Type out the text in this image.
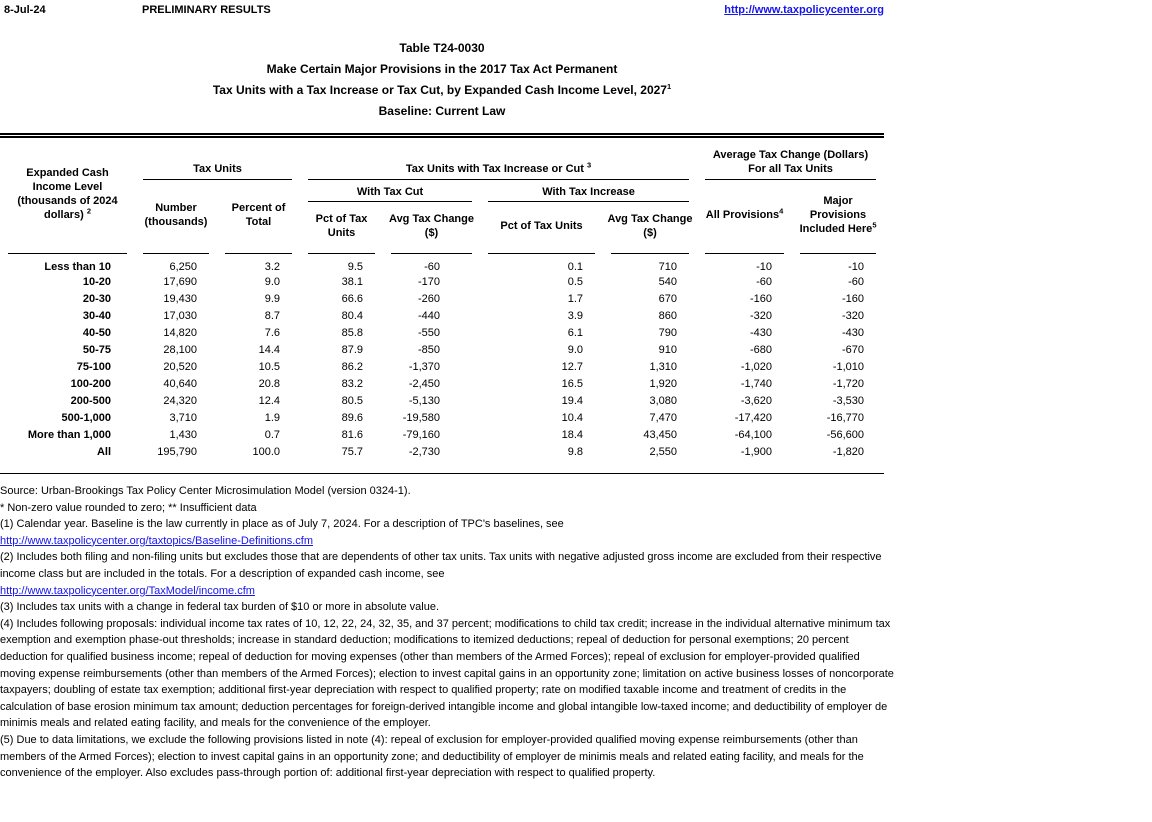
8-Jul-24	PRELIMINARY RESULTS	http://www.taxpolicycenter.org
Table T24-0030
Make Certain Major Provisions in the 2017 Tax Act Permanent
Tax Units with a Tax Increase or Tax Cut, by Expanded Cash Income Level, 2027$^1$
Baseline: Current Law
Expanded Cash Income Level (thousands of 2024 dollars) $^2$	Tax Units		Tax Units with Tax Increase or Cut $^3$				Average Tax Change (Dollars)
For all Tax Units	

	Number (thousands)	Percent of Total	With Tax Cut		With Tax Increase		All Provisions$^4$	Major Provisions Included Here$^5$
			Pct of Tax Units	Avg Tax Change ($)	Pct of Tax Units	Avg Tax Change ($)		
Less than 10	6,250	3.2	9.5	-60	0.1	710	-10	-10
10-20	17,690	9.0	38.1	-170	0.5	540	-60	-60
20-30	19,430	9.9	66.6	-260	1.7	670	-160	-160
30-40	17,030	8.7	80.4	-440	3.9	860	-320	-320
40-50	14,820	7.6	85.8	-550	6.1	790	-430	-430
50-75	28,100	14.4	87.9	-850	9.0	910	-680	-670
75-100	20,520	10.5	86.2	-1,370	12.7	1,310	-1,020	-1,010
100-200	40,640	20.8	83.2	-2,450	16.5	1,920	-1,740	-1,720
200-500	24,320	12.4	80.5	-5,130	19.4	3,080	-3,620	-3,530
500-1,000	3,710	1.9	89.6	-19,580	10.4	7,470	-17,420	-16,770
More than 1,000	1,430	0.7	81.6	-79,160	18.4	43,450	-64,100	-56,600
All	195,790	100.0	75.7	-2,730	9.8	2,550	-1,900	-1,820
Source: Urban-Brookings Tax Policy Center Microsimulation Model (version 0324-1).
* Non-zero value rounded to zero; ** Insufficient data
(1) Calendar year. Baseline is the law currently in place as of July 7, 2024. For a description of TPC's baselines, see
http://www.taxpolicycenter.org/taxtopics/Baseline-Definitions.cfm
(2) Includes both filing and non-filing units but excludes those that are dependents of other tax units. Tax units with negative adjusted gross income are excluded from their respective income class but are included in the totals. For a description of expanded cash income, see
http://www.taxpolicycenter.org/TaxModel/income.cfm
(3) Includes tax units with a change in federal tax burden of $10 or more in absolute value.
(4) Includes following proposals: individual income tax rates of 10, 12, 22, 24, 32, 35, and 37 percent; modifications to child tax credit; increase in the individual alternative minimum tax exemption and exemption phase-out thresholds; increase in standard deduction; modifications to itemized deductions; repeal of deduction for personal exemptions; 20 percent deduction for qualified business income; repeal of deduction for moving expenses (other than members of the Armed Forces); repeal of exclusion for employer-provided qualified moving expense reimbursements (other than members of the Armed Forces); election to invest capital gains in an opportunity zone; limitation on active business losses of noncorporate taxpayers; doubling of estate tax exemption; additional first-year depreciation with respect to qualified property; rate on modified taxable income and treatment of credits in the calculation of base erosion minimum tax amount; deduction percentages for foreign-derived intangible income and global intangible low-taxed income; and deductibility of employer de minimis meals and related eating facility, and meals for the convenience of the employer.
(5) Due to data limitations, we exclude the following provisions listed in note (4): repeal of exclusion for employer-provided qualified moving expense reimbursements (other than members of the Armed Forces); election to invest capital gains in an opportunity zone; and deductibility of employer de minimis meals and related eating facility, and meals for the convenience of the employer. Also excludes pass-through portion of: additional first-year depreciation with respect to qualified property.
